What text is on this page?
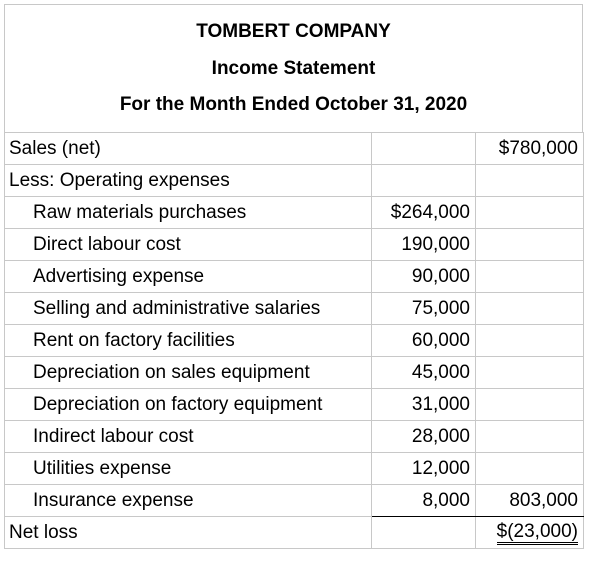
TOMBERT COMPANY
Income Statement
For the Month Ended October 31, 2020
Sales (net)		$780,000
Less: Operating expenses		
Raw materials purchases	$264,000	
Direct labour cost	190,000	
Advertising expense	90,000	
Selling and administrative salaries	75,000	
Rent on factory facilities	60,000	
Depreciation on sales equipment	45,000	
Depreciation on factory equipment	31,000	
Indirect labour cost	28,000	
Utilities expense	12,000	
Insurance expense	8,000	803,000
Net loss		$(23,000)
